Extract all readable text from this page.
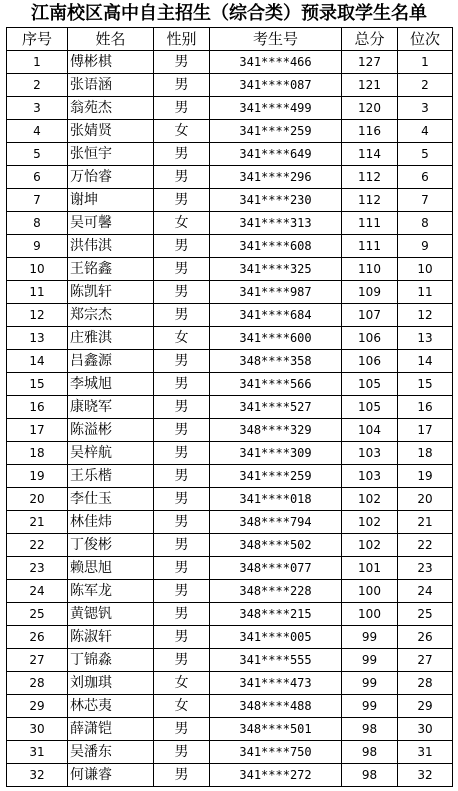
江南校区高中自主招生（综合类）预录取学生名单
序号	姓名	性别	考生号	总分	位次
1	傅彬棋	男	341****466	127	1
2	张语涵	男	341****087	121	2
3	翁苑杰	男	341****499	120	3
4	张婧贤	女	341****259	116	4
5	张恒宇	男	341****649	114	5
6	万怡睿	男	341****296	112	6
7	谢坤	男	341****230	112	7
8	吴可馨	女	341****313	111	8
9	洪伟淇	男	341****608	111	9
10	王铭鑫	男	341****325	110	10
11	陈凯轩	男	341****987	109	11
12	郑宗杰	男	341****684	107	12
13	庄雅淇	女	341****600	106	13
14	吕鑫源	男	348****358	106	14
15	李城旭	男	341****566	105	15
16	康晓军	男	341****527	105	16
17	陈溢彬	男	348****329	104	17
18	吴梓航	男	341****309	103	18
19	王乐楷	男	341****259	103	19
20	李仕玉	男	341****018	102	20
21	林佳炜	男	348****794	102	21
22	丁俊彬	男	348****502	102	22
23	赖思旭	男	348****077	101	23
24	陈军龙	男	348****228	100	24
25	黄锶钒	男	348****215	100	25
26	陈淑轩	男	341****005	99	26
27	丁锦淼	男	341****555	99	27
28	刘珈琪	女	341****473	99	28
29	林芯夷	女	348****488	99	29
30	薛潇铠	男	348****501	98	30
31	吴潘东	男	341****750	98	31
32	何谦睿	男	341****272	98	32
